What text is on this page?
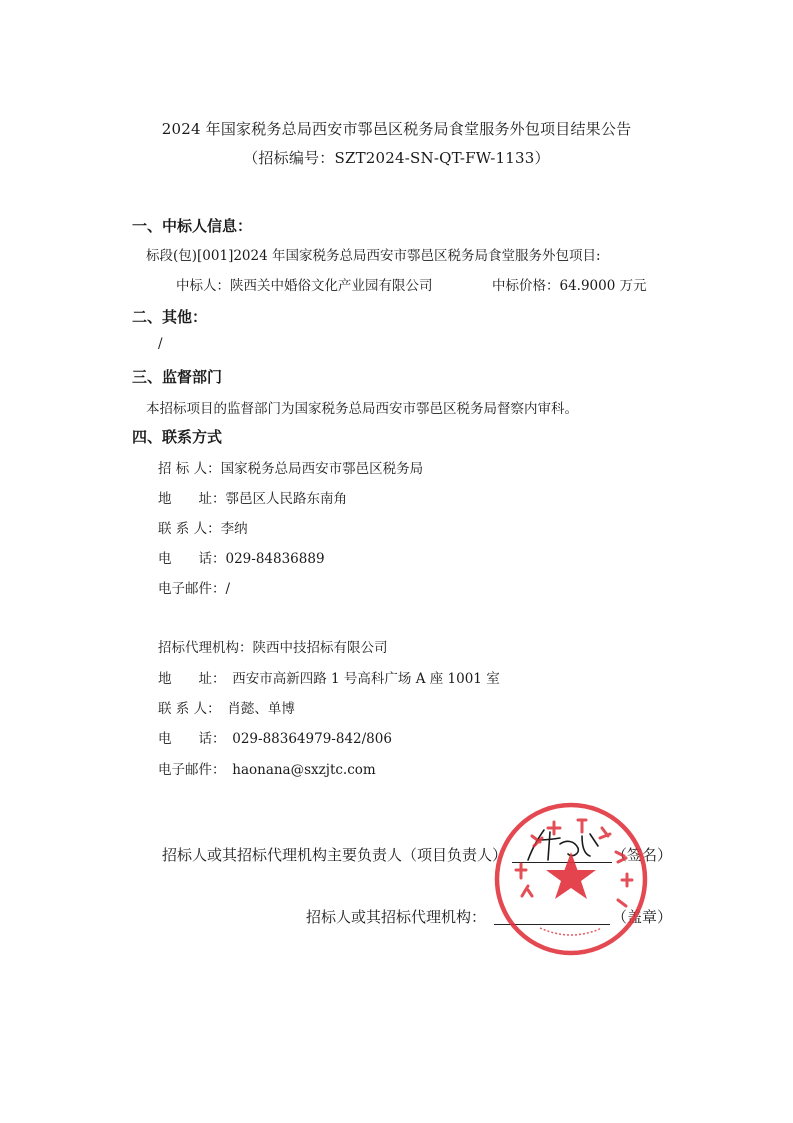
2024 年国家税务总局西安市鄠邑区税务局食堂服务外包项目结果公告
（招标编号：SZT2024-SN-QT-FW-1133）
一、中标人信息：
标段(包)[001]2024 年国家税务总局西安市鄠邑区税务局食堂服务外包项目:
中标人：陕西关中婚俗文化产业园有限公司	中标价格：64.9000 万元
二、其他：
/
三、监督部门
本招标项目的监督部门为国家税务总局西安市鄠邑区税务局督察内审科。
四、联系方式
招 标 人：国家税务总局西安市鄠邑区税务局
地　　址：鄠邑区人民路东南角
联 系 人：李纳
电　　话：029-84836889
电子邮件：/
招标代理机构：陕西中技招标有限公司
地　　址：　西安市高新四路 1 号高科广场 A 座 1001 室
联 系 人：　肖懿、单博
电　　话：　029-88364979-842/806
电子邮件：　haonana@sxzjtc.com
招标人或其招标代理机构主要负责人（项目负责人）	（签名）
招标人或其招标代理机构：	（盖章）
